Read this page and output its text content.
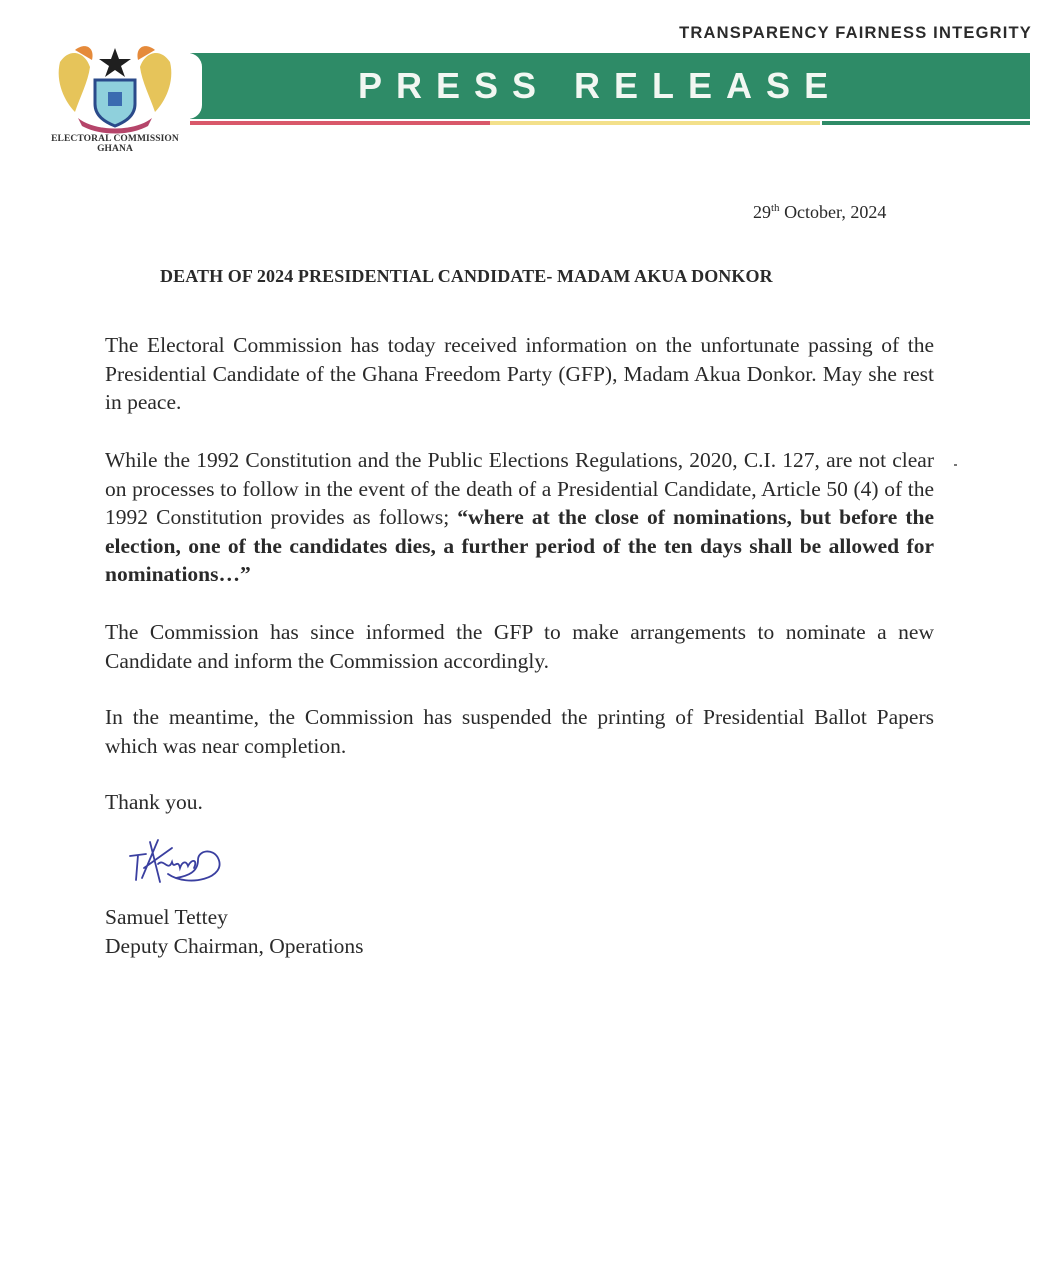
ELECTORAL COMMISSION
GHANA
TRANSPARENCY FAIRNESS INTEGRITY
PRESS RELEASE
29th October, 2024
DEATH OF 2024 PRESIDENTIAL CANDIDATE- MADAM AKUA DONKOR
The Electoral Commission has today received information on the unfortunate passing of the Presidential Candidate of the Ghana Freedom Party (GFP), Madam Akua Donkor. May she rest in peace.
While the 1992 Constitution and the Public Elections Regulations, 2020, C.I. 127, are not clear on processes to follow in the event of the death of a Presidential Candidate, Article 50 (4) of the 1992 Constitution provides as follows; “where at the close of nominations, but before the election, one of the candidates dies, a further period of the ten days shall be allowed for nominations…”
The Commission has since informed the GFP to make arrangements to nominate a new Candidate and inform the Commission accordingly.
In the meantime, the Commission has suspended the printing of Presidential Ballot Papers which was near completion.
Thank you.
Samuel Tettey
Deputy Chairman, Operations
